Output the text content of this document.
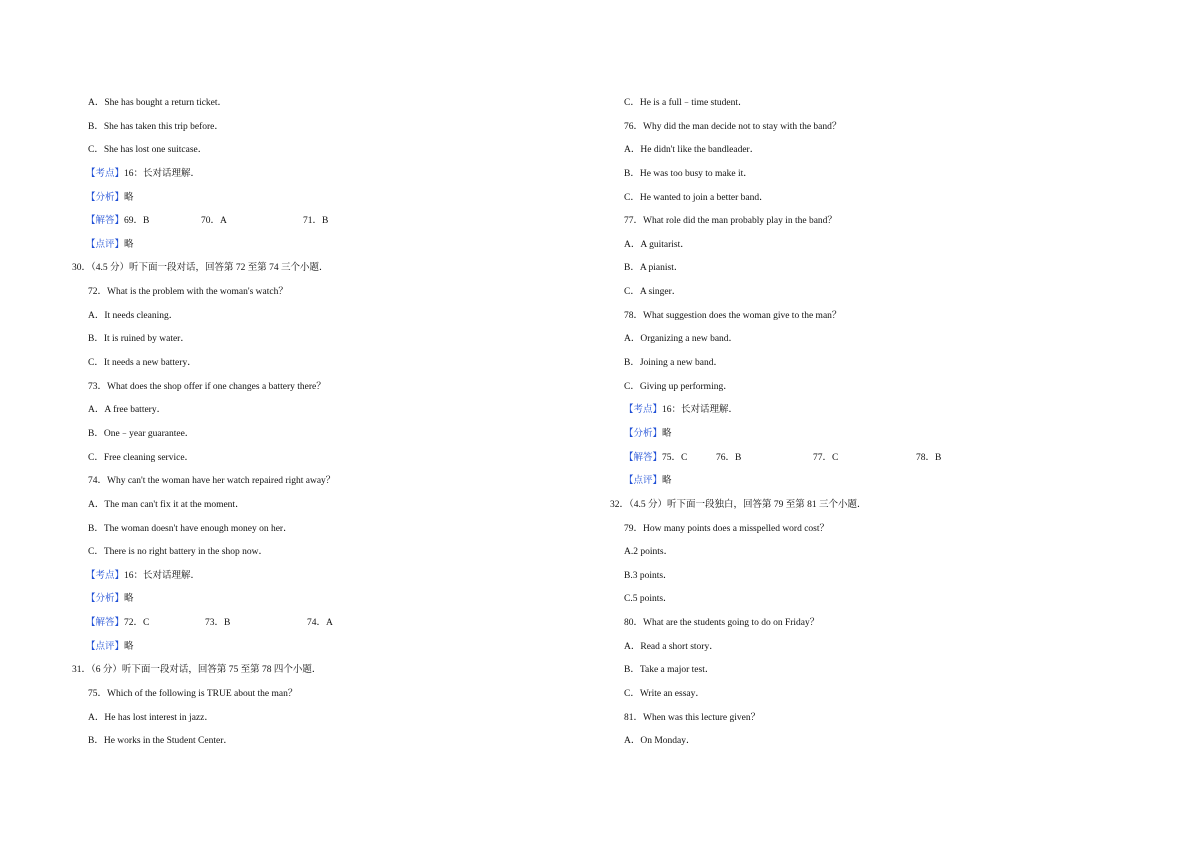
A．She has bought a return ticket．
B．She has taken this trip before．
C．She has lost one suitcase．
【考点】16：长对话理解．
【分析】略
【解答】69．B	70．A	71．B
【点评】略
30．（4.5 分）听下面一段对话，回答第 72 至第 74 三个小题．
72．What is the problem with the woman's watch？
A．It needs cleaning．
B．It is ruined by water．
C．It needs a new battery．
73．What does the shop offer if one changes a battery there？
A．A free battery．
B．One﹣year guarantee．
C．Free cleaning service．
74．Why can't the woman have her watch repaired right away？
A．The man can't fix it at the moment．
B．The woman doesn't have enough money on her．
C．There is no right battery in the shop now．
【考点】16：长对话理解．
【分析】略
【解答】72．C	73．B	74．A
【点评】略
31．（6 分）听下面一段对话，回答第 75 至第 78 四个小题．
75．Which of the following is TRUE about the man？
A．He has lost interest in jazz．
B．He works in the Student Center．
C．He is a full﹣time student．
76．Why did the man decide not to stay with the band？
A．He didn't like the bandleader．
B．He was too busy to make it．
C．He wanted to join a better band．
77．What role did the man probably play in the band？
A．A guitarist．
B．A pianist．
C．A singer．
78．What suggestion does the woman give to the man？
A．Organizing a new band．
B．Joining a new band．
C．Giving up performing．
【考点】16：长对话理解．
【分析】略
【解答】75．C	76．B	77．C	78．B
【点评】略
32．（4.5 分）听下面一段独白，回答第 79 至第 81 三个小题．
79．How many points does a misspelled word cost？
A.2 points．
B.3 points．
C.5 points．
80．What are the students going to do on Friday？
A．Read a short story．
B．Take a major test．
C．Write an essay．
81．When was this lecture given？
A．On Monday．
